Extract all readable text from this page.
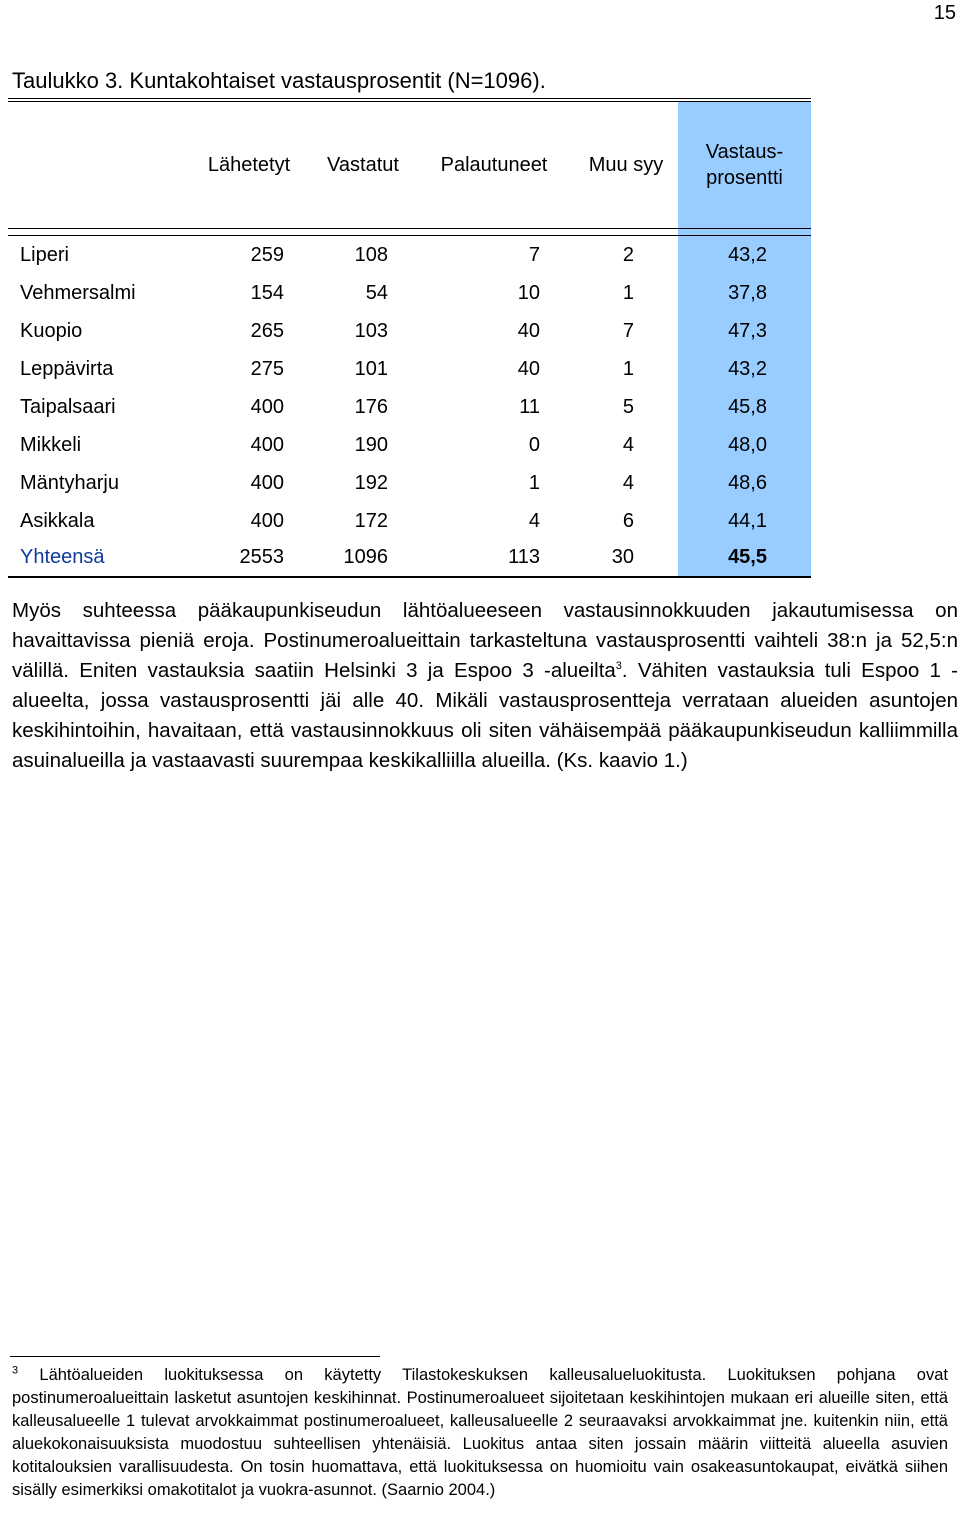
15
Taulukko 3. Kuntakohtaiset vastausprosentit (N=1096).
	Lähetetyt	Vastatut	Palautuneet	Muu syy	Vastaus-
prosentti

Liperi	259	108	7	2	43,2
Vehmersalmi	154	54	10	1	37,8
Kuopio	265	103	40	7	47,3
Leppävirta	275	101	40	1	43,2
Taipalsaari	400	176	11	5	45,8
Mikkeli	400	190	0	4	48,0
Mäntyharju	400	192	1	4	48,6
Asikkala	400	172	4	6	44,1

Yhteensä	2553	1096	113	30	45,5
Myös suhteessa pääkaupunkiseudun lähtöalueeseen vastausinnokkuuden jakautumisessa on havaittavissa pieniä eroja. Postinumeroalueittain tarkasteltuna vastausprosentti vaihteli 38:n ja 52,5:n välillä. Eniten vastauksia saatiin Helsinki 3 ja Espoo 3 -alueilta$^3$. Vähiten vastauksia tuli Espoo 1 -alueelta, jossa vastausprosentti jäi alle 40. Mikäli vastausprosentteja verrataan alueiden asuntojen keskihintoihin, havaitaan, että vastausinnokkuus oli siten vähäisempää pääkaupunkiseudun kalliimmilla asuinalueilla ja vastaavasti suurempaa keskikalliilla alueilla. (Ks. kaavio 1.)
$^3$ Lähtöalueiden luokituksessa on käytetty Tilastokeskuksen kalleusalueluokitusta. Luokituksen pohjana ovat postinumeroalueittain lasketut asuntojen keskihinnat. Postinumeroalueet sijoitetaan keskihintojen mukaan eri alueille siten, että kalleusalueelle 1 tulevat arvokkaimmat postinumeroalueet, kalleusalueelle 2 seuraavaksi arvokkaimmat jne. kuitenkin niin, että aluekokonaisuuksista muodostuu suhteellisen yhtenäisiä. Luokitus antaa siten jossain määrin viitteitä alueella asuvien kotitalouksien varallisuudesta. On tosin huomattava, että luokituksessa on huomioitu vain osakeasuntokaupat, eivätkä siihen sisälly esimerkiksi omakotitalot ja vuokra-asunnot. (Saarnio 2004.)
